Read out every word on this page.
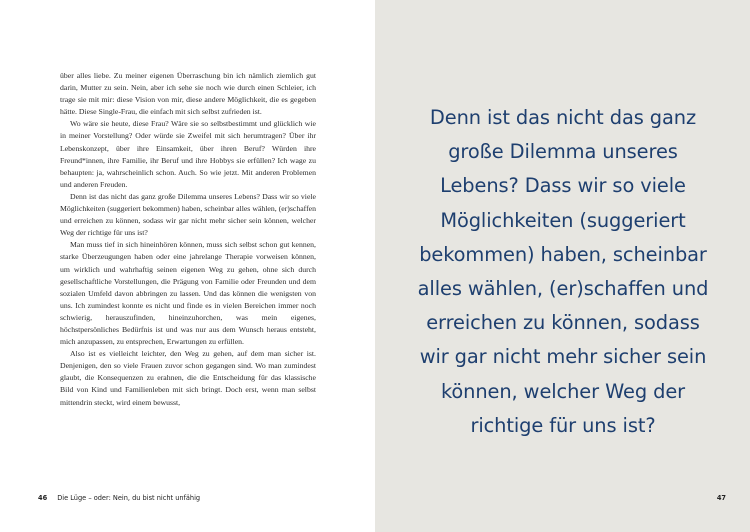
über alles liebe. Zu meiner eigenen Überraschung bin ich nämlich ziemlich gut darin, Mutter zu sein. Nein, aber ich sehe sie noch wie durch einen Schleier, ich trage sie mit mir: diese Vision von mir, diese andere Möglichkeit, die es gegeben hätte. Diese Single-Frau, die einfach mit sich selbst zufrieden ist.

Wo wäre sie heute, diese Frau? Wäre sie so selbstbestimmt und glücklich wie in meiner Vorstellung? Oder würde sie Zweifel mit sich herumtragen? Über ihr Lebenskonzept, über ihre Einsamkeit, über ihren Beruf? Würden ihre Freund*innen, ihre Familie, ihr Beruf und ihre Hobbys sie erfüllen? Ich wage zu behaupten: ja, wahrscheinlich schon. Auch. So wie jetzt. Mit anderen Problemen und anderen Freuden.

Denn ist das nicht das ganz große Dilemma unseres Lebens? Dass wir so viele Möglichkeiten (suggeriert bekommen) haben, scheinbar alles wählen, (er)schaffen und erreichen zu können, sodass wir gar nicht mehr sicher sein können, welcher Weg der richtige für uns ist?

Man muss tief in sich hineinhören können, muss sich selbst schon gut kennen, starke Überzeugungen haben oder eine jahrelange Therapie vorweisen können, um wirklich und wahrhaftig seinen eigenen Weg zu gehen, ohne sich durch gesellschaftliche Vorstellungen, die Prägung von Familie oder Freunden und dem sozialen Umfeld davon abbringen zu lassen. Und das können die wenigsten von uns. Ich zumindest konnte es nicht und finde es in vielen Bereichen immer noch schwierig, herauszufinden, hineinzuhorchen, was mein eigenes, höchstpersönliches Bedürfnis ist und was nur aus dem Wunsch heraus entsteht, mich anzupassen, zu entsprechen, Erwartungen zu erfüllen.

Also ist es vielleicht leichter, den Weg zu gehen, auf dem man sicher ist. Denjenigen, den so viele Frauen zuvor schon gegangen sind. Wo man zumindest glaubt, die Konsequenzen zu erahnen, die die Entscheidung für das klassische Bild von Kind und Familienleben mit sich bringt. Doch erst, wenn man selbst mittendrin steckt, wird einem bewusst,

46 Die Lüge – oder: Nein, du bist nicht unfähig

Denn ist das nicht das ganz
große Dilemma unseres
Lebens? Dass wir so viele
Möglichkeiten (suggeriert
bekommen) haben, scheinbar
alles wählen, (er)schaffen und
erreichen zu können, sodass
wir gar nicht mehr sicher sein
können, welcher Weg der
richtige für uns ist?

47
